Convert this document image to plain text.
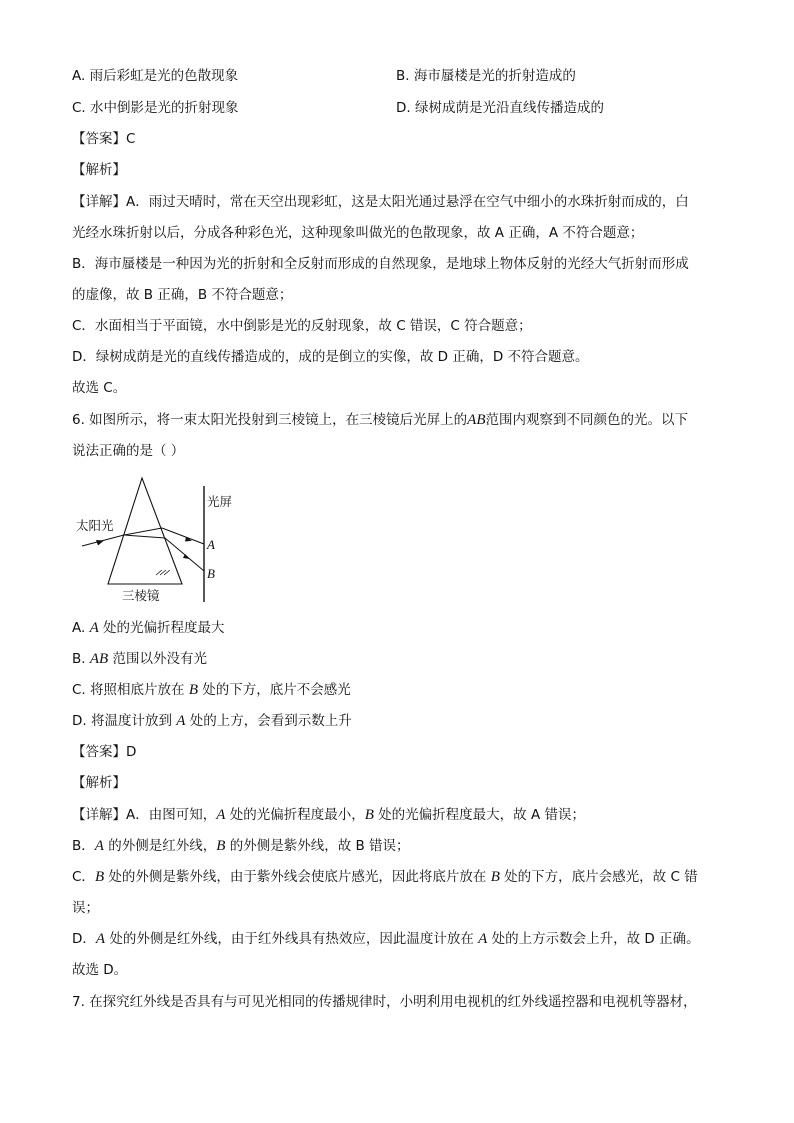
A. 雨后彩虹是光的色散现象	B. 海市蜃楼是光的折射造成的
C. 水中倒影是光的折射现象	D. 绿树成荫是光沿直线传播造成的
【答案】C
【解析】
【详解】A．雨过天晴时，常在天空出现彩虹，这是太阳光通过悬浮在空气中细小的水珠折射而成的，白
光经水珠折射以后，分成各种彩色光，这种现象叫做光的色散现象，故 A 正确，A 不符合题意；
B．海市蜃楼是一种因为光的折射和全反射而形成的自然现象，是地球上物体反射的光经大气折射而形成
的虚像，故 B 正确，B 不符合题意；
C．水面相当于平面镜，水中倒影是光的反射现象，故 C 错误，C 符合题意；
D．绿树成荫是光的直线传播造成的，成的是倒立的实像，故 D 正确，D 不符合题意。
故选 C。
6. 如图所示，将一束太阳光投射到三棱镜上，在三棱镜后光屏上的AB范围内观察到不同颜色的光。以下
说法正确的是（ ）
光屏
太阳光
A
B
三棱镜
A. A 处的光偏折程度最大
B. AB 范围以外没有光
C. 将照相底片放在 B 处的下方，底片不会感光
D. 将温度计放到 A 处的上方，会看到示数上升
【答案】D
【解析】
【详解】A．由图可知，A 处的光偏折程度最小，B 处的光偏折程度最大，故 A 错误；
B．A 的外侧是红外线，B 的外侧是紫外线，故 B 错误；
C．B 处的外侧是紫外线，由于紫外线会使底片感光，因此将底片放在 B 处的下方，底片会感光，故 C 错
误；
D．A 处的外侧是红外线，由于红外线具有热效应，因此温度计放在 A 处的上方示数会上升，故 D 正确。
故选 D。
7. 在探究红外线是否具有与可见光相同的传播规律时，小明利用电视机的红外线遥控器和电视机等器材，
